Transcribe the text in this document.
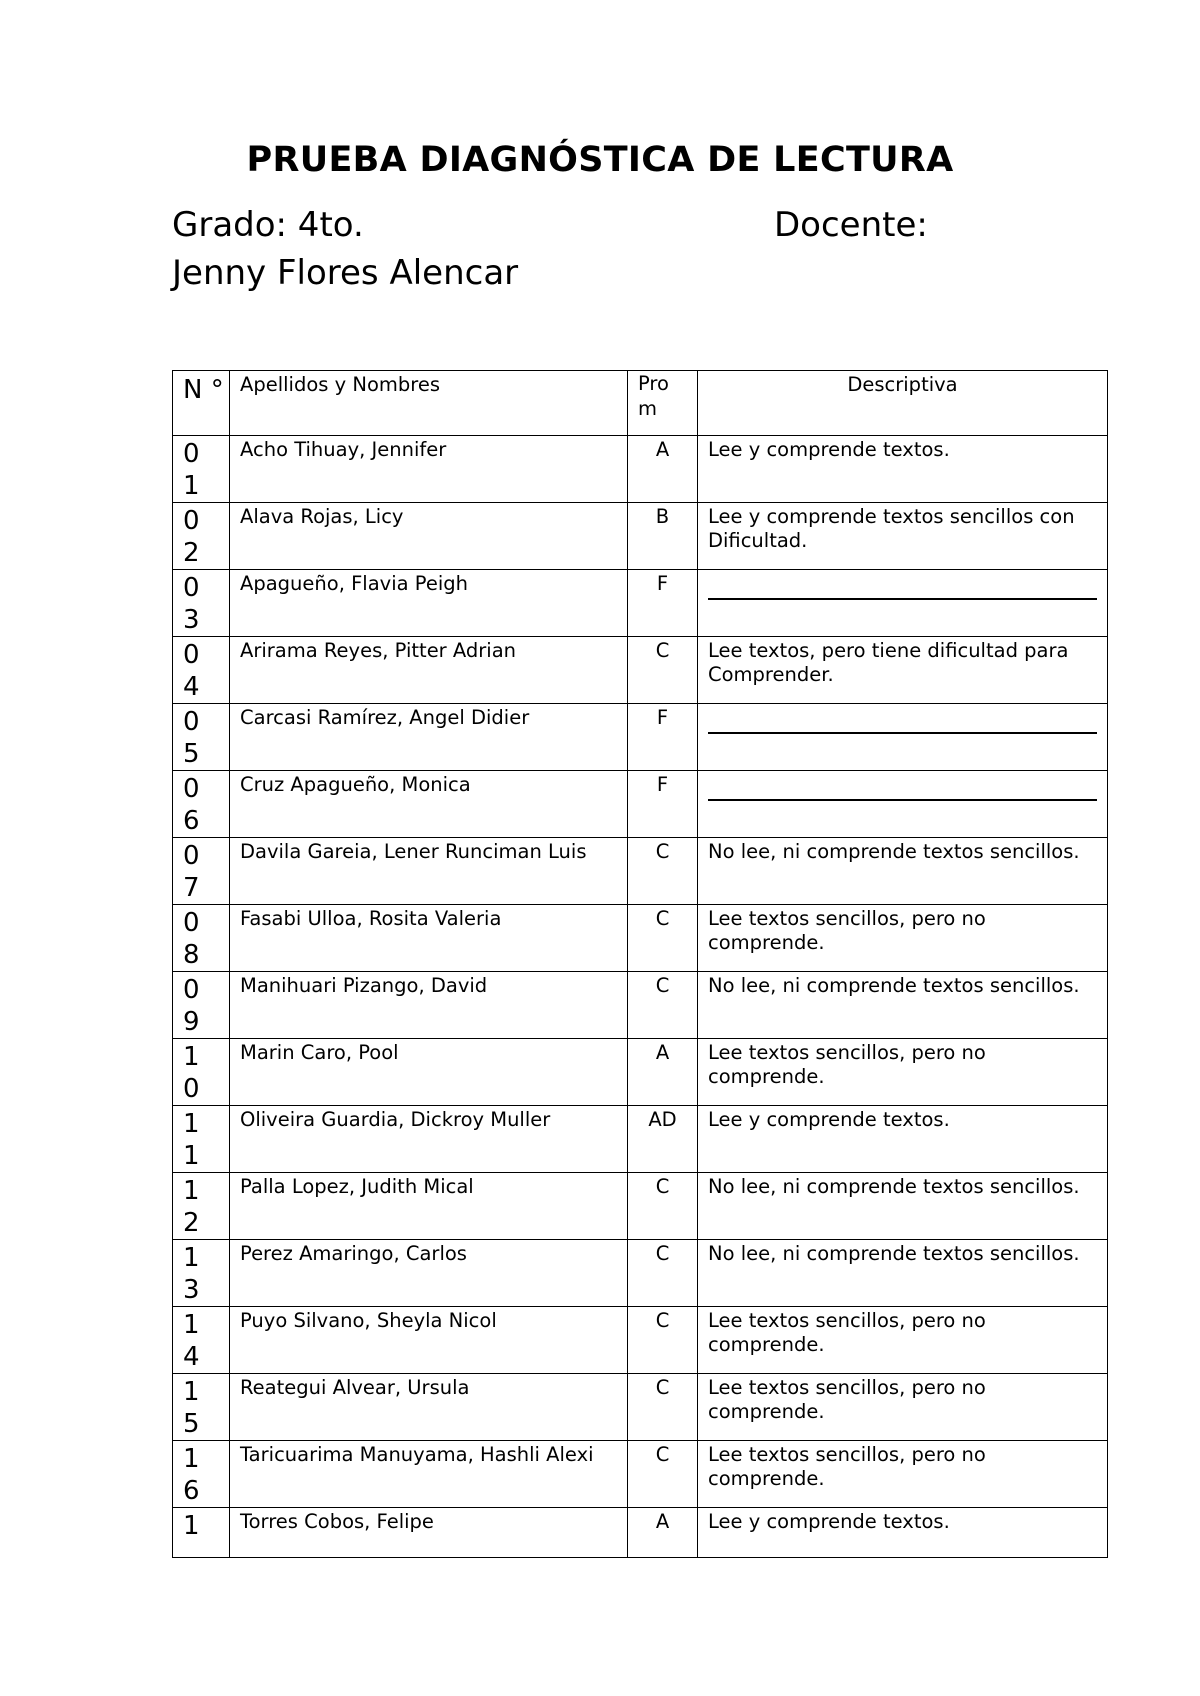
PRUEBA DIAGNÓSTICA DE LECTURA
Grado: 4to.	Docente:
Jenny Flores Alencar
N °	Apellidos y Nombres	Pro m	Descriptiva

0 1	Acho Tihuay, Jennifer	A	Lee y comprende textos.

0 2	Alava Rojas, Licy	B	Lee y comprende textos sencillos con Dificultad.

0 3	Apagueño, Flavia Peigh	F	

0 4	Arirama Reyes, Pitter Adrian	C	Lee textos, pero tiene dificultad para Comprender.

0 5	Carcasi Ramírez, Angel Didier	F	

0 6	Cruz Apagueño, Monica	F	

0 7	Davila Gareia, Lener Runciman Luis	C	No lee, ni comprende textos sencillos.

0 8	Fasabi Ulloa, Rosita Valeria	C	Lee textos sencillos, pero no comprende.

0 9	Manihuari Pizango, David	C	No lee, ni comprende textos sencillos.

1 0	Marin Caro, Pool	A	Lee textos sencillos, pero no comprende.

1 1	Oliveira Guardia, Dickroy Muller	AD	Lee y comprende textos.

1 2	Palla Lopez, Judith Mical	C	No lee, ni comprende textos sencillos.

1 3	Perez Amaringo, Carlos	C	No lee, ni comprende textos sencillos.

1 4	Puyo Silvano, Sheyla Nicol	C	Lee textos sencillos, pero no comprende.

1 5	Reategui Alvear, Ursula	C	Lee textos sencillos, pero no comprende.

1 6	Taricuarima Manuyama, Hashli Alexi	C	Lee textos sencillos, pero no comprende.

1	Torres Cobos, Felipe	A	Lee y comprende textos.
